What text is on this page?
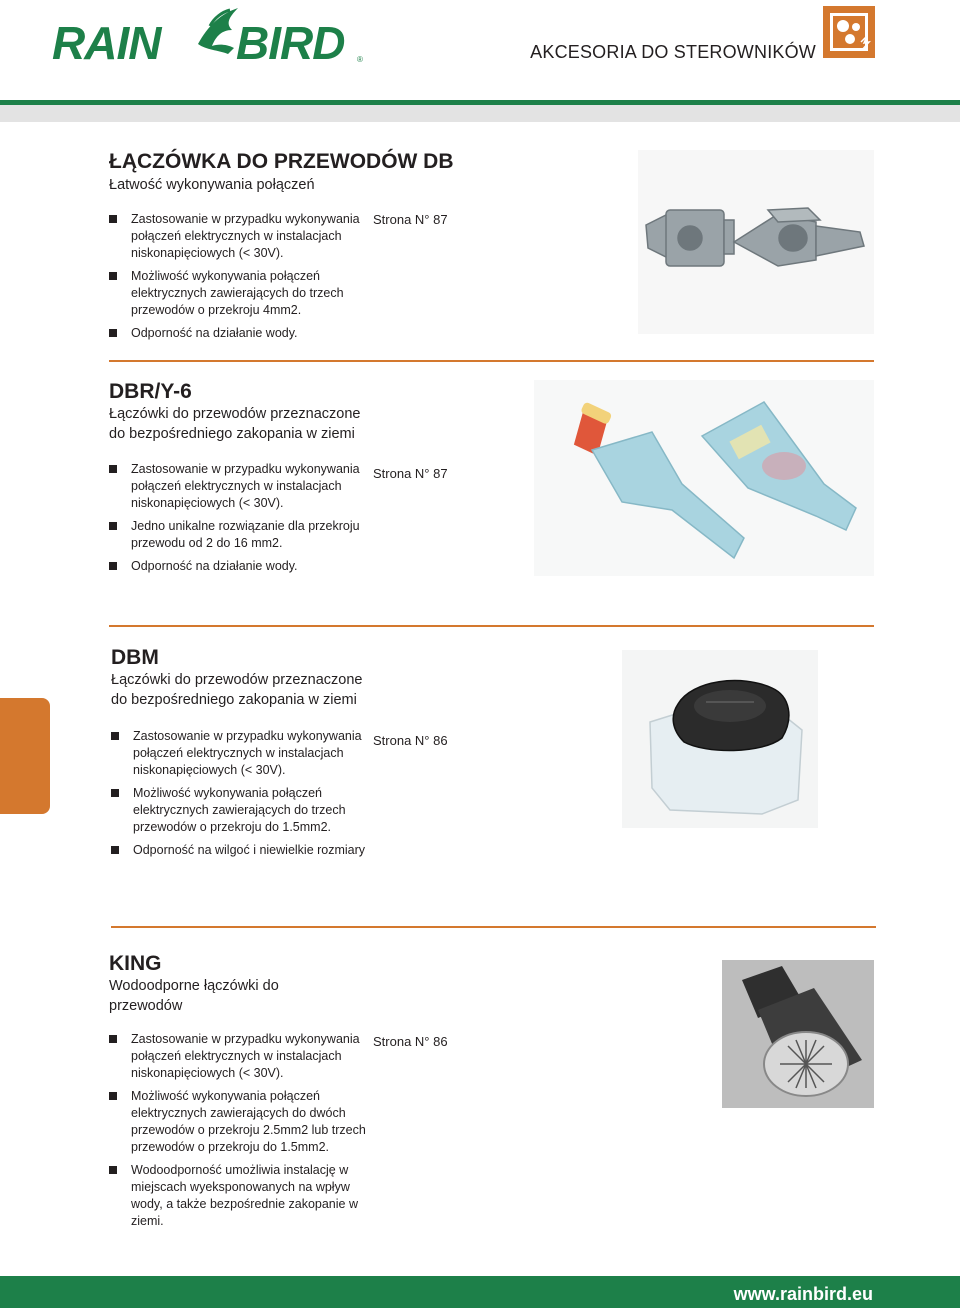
RAIN BIRD ®	AKCESORIA DO STEROWNIKÓW
ŁĄCZÓWKA DO PRZEWODÓW DB
Łatwość wykonywania połączeń
Zastosowanie w przypadku wykonywania
połączeń elektrycznych w instalacjach
niskonapięciowych (< 30V).
Możliwość wykonywania połączeń
elektrycznych zawierających do trzech
przewodów o przekroju 4mm2.
Odporność na działanie wody.
Strona N° 87
DBR/Y-6
Łączówki do przewodów przeznaczone
do bezpośredniego zakopania w ziemi
Zastosowanie w przypadku wykonywania
połączeń elektrycznych w instalacjach
niskonapięciowych (< 30V).
Jedno unikalne rozwiązanie dla przekroju
przewodu od 2 do 16 mm2.
Odporność na działanie wody.
Strona N° 87
DBM
Łączówki do przewodów przeznaczone
do bezpośredniego zakopania w ziemi
Zastosowanie w przypadku wykonywania
połączeń elektrycznych w instalacjach
niskonapięciowych (< 30V).
Możliwość wykonywania połączeń
elektrycznych zawierających do trzech
przewodów o przekroju do 1.5mm2.
Odporność na wilgoć i niewielkie rozmiary
Strona N° 86
KING
Wodoodporne łączówki do
przewodów
Zastosowanie w przypadku wykonywania
połączeń elektrycznych w instalacjach
niskonapięciowych (< 30V).
Możliwość wykonywania połączeń
elektrycznych zawierających do dwóch
przewodów o przekroju 2.5mm2 lub trzech
przewodów o przekroju do 1.5mm2.
Wodoodporność umożliwia instalację w
miejscach wyeksponowanych na wpływ
wody, a także bezpośrednie zakopanie w
ziemi.
Strona N° 86
www.rainbird.eu
